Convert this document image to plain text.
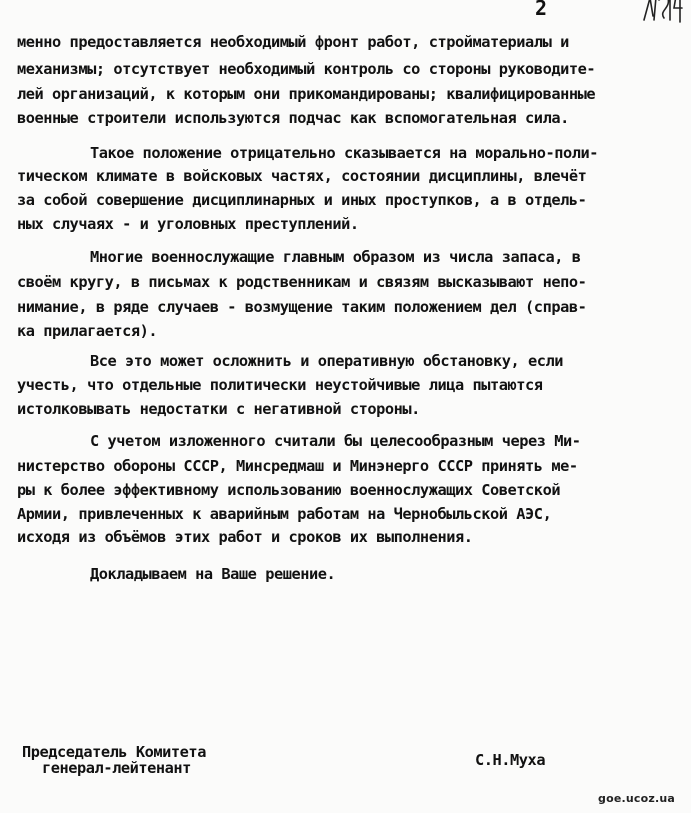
2
менно предоставляется необходимый фронт работ, стройматериалы и
механизмы; отсутствует необходимый контроль со стороны руководите-
лей организаций, к которым они прикомандированы; квалифицированные
военные строители используются подчас как вспомогательная сила.
Такое положение отрицательно сказывается на морально-поли-
тическом климате в войсковых частях, состоянии дисциплины, влечёт
за собой совершение дисциплинарных и иных проступков, а в отдель-
ных случаях - и уголовных преступлений.
Многие военнослужащие главным образом из числа запаса, в
своём кругу, в письмах к родственникам и связям высказывают непо-
нимание, в ряде случаев - возмущение таким положением дел (справ-
ка прилагается).
Все это может осложнить и оперативную обстановку, если
учесть, что отдельные политически неустойчивые лица пытаются
истолковывать недостатки с негативной стороны.
С учетом изложенного считали бы целесообразным через Ми-
нистерство обороны СССР, Минсредмаш и Минэнерго СССР принять ме-
ры к более эффективному использованию военнослужащих Советской
Армии, привлеченных к аварийным работам на Чернобыльской АЭС,
исходя из объёмов этих работ и сроков их выполнения.
Докладываем на Ваше решение.
Председатель Комитета
генерал-лейтенант	С.Н.Муха
goe.ucoz.ua
